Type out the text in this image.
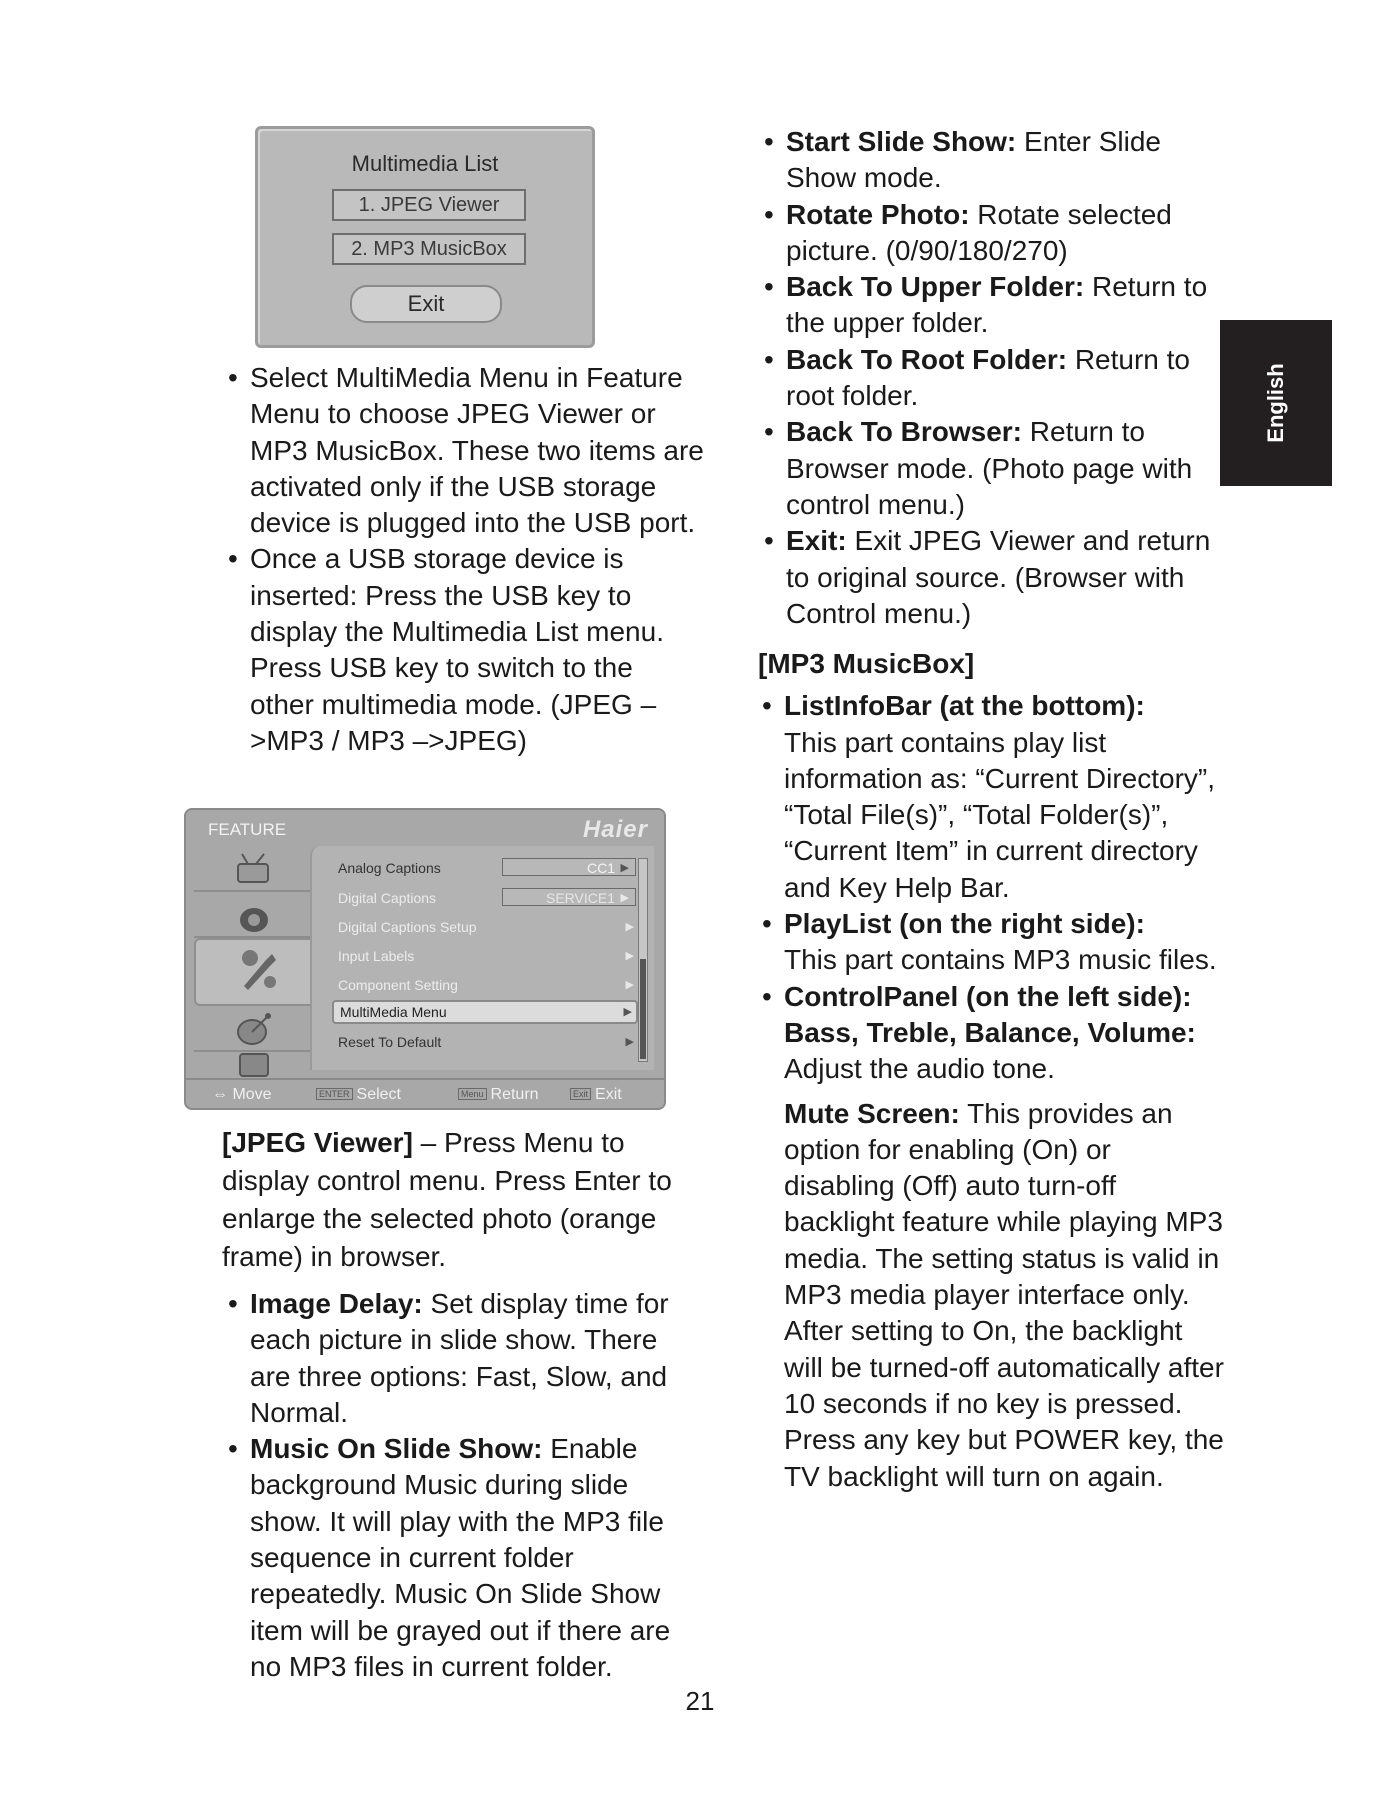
Multimedia List
1. JPEG Viewer
2. MP3 MusicBox
Exit
• Select MultiMedia Menu in Feature Menu to choose JPEG Viewer or MP3 MusicBox. These two items are activated only if the USB storage device is plugged into the USB port.
• Once a USB storage device is inserted: Press the USB key to display the Multimedia List menu. Press USB key to switch to the other multimedia mode. (JPEG –>MP3 / MP3 –>JPEG)
FEATURE	Haier
Analog Captions	CC1 ▶
Digital Captions	SERVICE1 ▶
Digital Captions Setup	▶
Input Labels	▶
Component Setting	▶
MultiMedia Menu	▶
Reset To Default	▶
⇔ Move	ENTER Select	Menu Return	Exit Exit

[JPEG Viewer] – Press Menu to display control menu. Press Enter to enlarge the selected photo (orange frame) in browser.

• Image Delay: Set display time for each picture in slide show. There are three options: Fast, Slow, and Normal.
• Music On Slide Show: Enable background Music during slide show. It will play with the MP3 file sequence in current folder repeatedly. Music On Slide Show item will be grayed out if there are no MP3 files in current folder.
• Start Slide Show: Enter Slide Show mode.
• Rotate Photo: Rotate selected picture. (0/90/180/270)
• Back To Upper Folder: Return to the upper folder.
• Back To Root Folder: Return to root folder.
• Back To Browser: Return to Browser mode. (Photo page with control menu.)
• Exit: Exit JPEG Viewer and return to original source. (Browser with Control menu.)

[MP3 MusicBox]

• ListInfoBar (at the bottom):
This part contains play list information as: “Current Directory”, “Total File(s)”, “Total Folder(s)”, “Current Item” in current directory and Key Help Bar.
• PlayList (on the right side):
This part contains MP3 music files.
• ControlPanel (on the left side):
Bass, Treble, Balance, Volume:
Adjust the audio tone.

Mute Screen: This provides an option for enabling (On) or disabling (Off) auto turn-off backlight feature while playing MP3 media. The setting status is valid in MP3 media player interface only. After setting to On, the backlight will be turned-off automatically after 10 seconds if no key is pressed. Press any key but POWER key, the TV backlight will turn on again.

English
21
